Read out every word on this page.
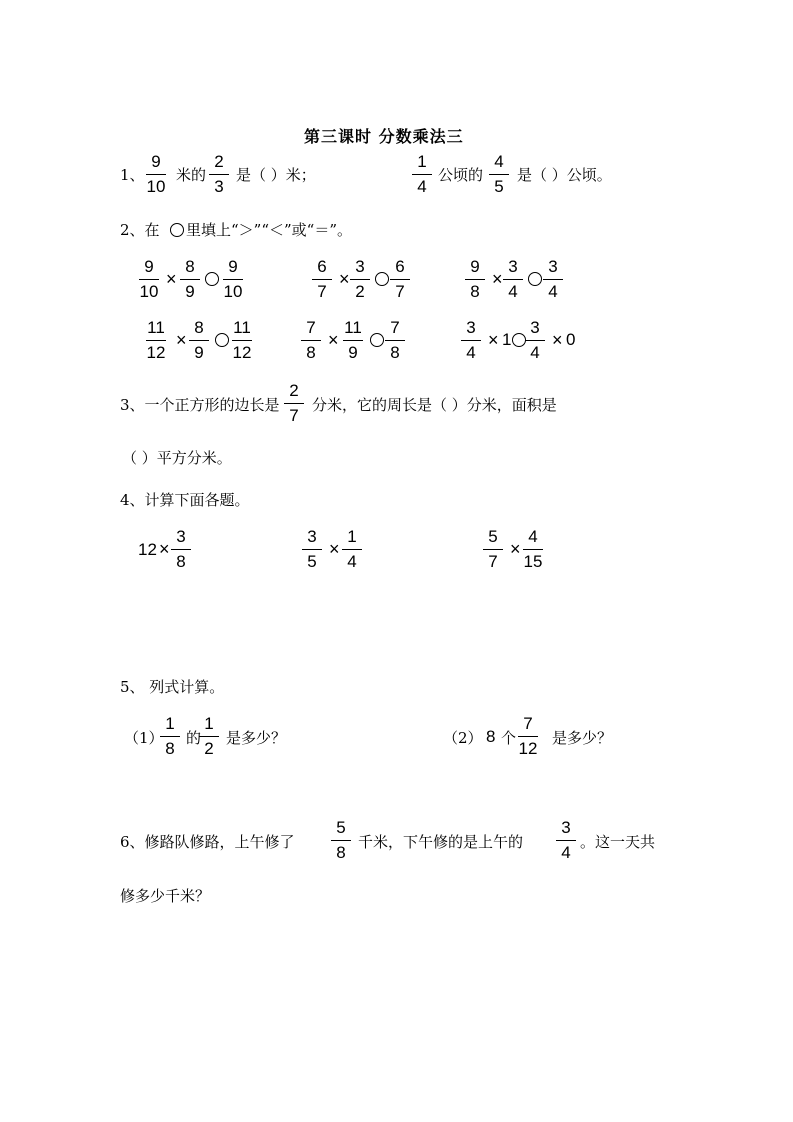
第三课时 分数乘法三
1、
9
10
米的
2
3
是（ ）米；
1
4
公顷的
4
5
是（ ）公顷。
2、在 里填上“＞”“＜”或“＝”。
9
10
×
8
9
9
10
6
7
×
3
2
6
7
9
8
×
3
4
3
4
11
12
×
8
9
11
12
7
8
×
11
9
7
8
3
4
× 1
3
4
× 0
3、一个正方形的边长是
2
7
分米，它的周长是（ ）分米，面积是
（ ）平方分米。
4、计算下面各题。
12 ×
3
8
3
5
×
1
4
5
7
×
4
15
5、 列式计算。
（1）
1
8
的
1
2
是多少？	（2） 8 个
7
12
是多少？
6、修路队修路，上午修了
5
8
千米，下午修的是上午的
3
4
。这一天共
修多少千米？
